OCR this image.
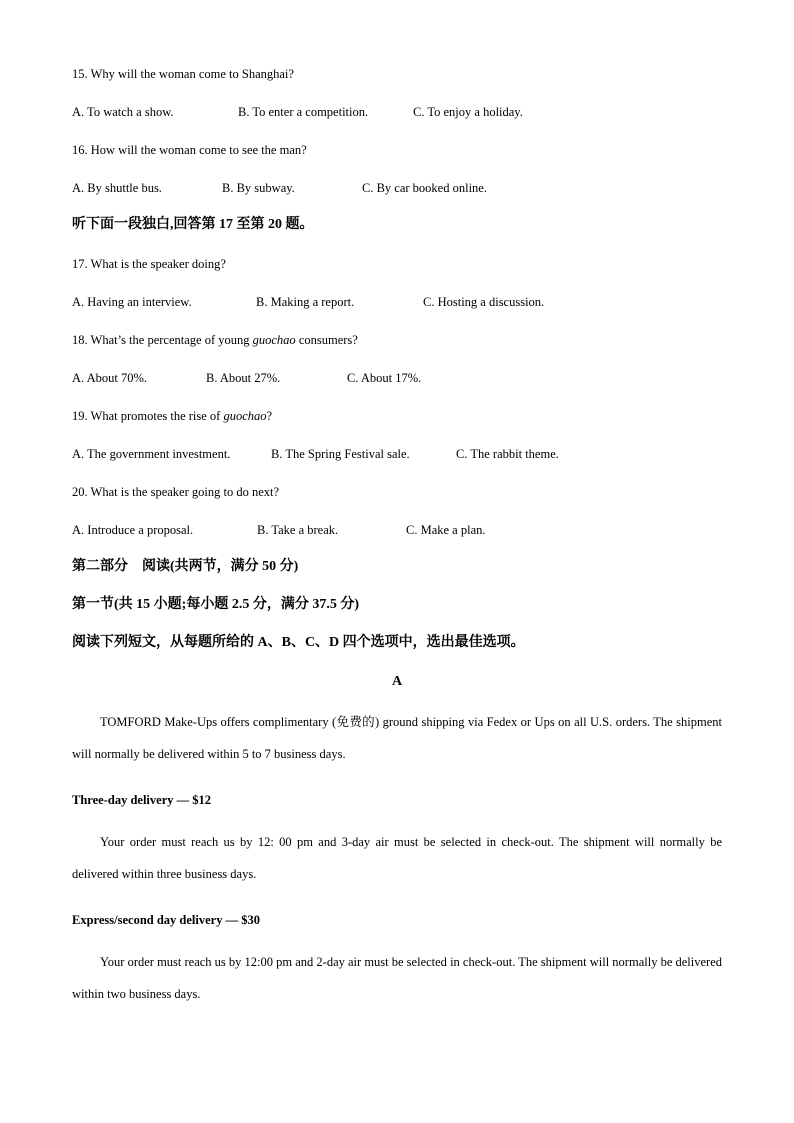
15. Why will the woman come to Shanghai?
A. To watch a show.	B. To enter a competition.	C. To enjoy a holiday.
16. How will the woman come to see the man?
A. By shuttle bus.	B. By subway.	C. By car booked online.
听下面一段独白,回答第 17 至第 20 题。
17. What is the speaker doing?
A. Having an interview.	B. Making a report.	C. Hosting a discussion.
18. What’s the percentage of young guochao consumers?
A. About 70%.	B. About 27%.	C. About 17%.
19. What promotes the rise of guochao?
A. The government investment.	B. The Spring Festival sale.	C. The rabbit theme.
20. What is the speaker going to do next?
A. Introduce a proposal.	B. Take a break.	C. Make a plan.
第二部分    阅读(共两节，满分 50 分)
第一节(共 15 小题;每小题 2.5 分，满分 37.5 分)
阅读下列短文，从每题所给的 A、B、C、D 四个选项中，选出最佳选项。
A
TOMFORD Make-Ups offers complimentary (免费的) ground shipping via Fedex or Ups on all U.S. orders. The shipment will normally be delivered within 5 to 7 business days.
Three-day delivery — $12
Your order must reach us by 12: 00 pm and 3-day air must be selected in check-out. The shipment will normally be delivered within three business days.
Express/second day delivery — $30
Your order must reach us by 12:00 pm and 2-day air must be selected in check-out. The shipment will normally be delivered within two business days.
